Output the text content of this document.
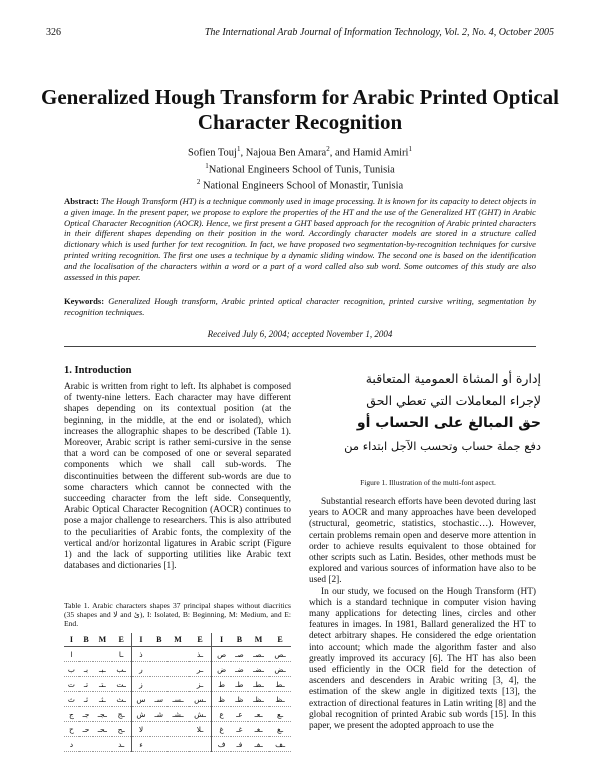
326	The International Arab Journal of Information Technology, Vol. 2, No. 4, October 2005
Generalized Hough Transform for Arabic Printed Optical Character Recognition
Sofien Touj$^1$, Najoua Ben Amara$^2$, and Hamid Amiri$^1$
$^1$National Engineers School of Tunis, Tunisia
$^2$ National Engineers School of Monastir, Tunisia
Abstract: The Hough Transform (HT) is a technique commonly used in image processing. It is known for its capacity to detect objects in a given image. In the present paper, we propose to explore the properties of the HT and the use of the Generalized HT (GHT) in Arabic Optical Character Recognition (AOCR). Hence, we first present a GHT based approach for the recognition of Arabic printed characters in their different shapes depending on their position in the word. Accordingly character models are stored in a structure called dictionary which is used further for text recognition. In fact, we have proposed two segmentation-by-recognition techniques for cursive printed writing recognition. The first one uses a technique by a dynamic sliding window. The second one is based on the identification and the localisation of the characters within a word or a part of a word called also sub word. Some outcomes of this study are also assessed in this paper.
Keywords: Generalized Hough transform, Arabic printed optical character recognition, printed cursive writing, segmentation by recognition techniques.
Received July 6, 2004; accepted November 1, 2004
1. Introduction
Arabic is written from right to left. Its alphabet is composed of twenty-nine letters. Each character may have different shapes depending on its contextual position (at the beginning, in the middle, at the end or isolated), which increases the allographic shapes to be described (Table 1). Moreover, Arabic script is rather semi-cursive in the sense that a word can be composed of one or several separated components which we shall call sub-words. The discontinuities between the different sub-words are due to some characters which cannot be connected with the succeeding character from the left side. Consequently, Arabic Optical Character Recognition (AOCR) continues to pose a major challenge to researchers. This is also attributed to the peculiarities of Arabic fonts, the complexity of the vertical and/or horizontal ligatures in Arabic script (Figure 1) and the lack of supporting utilities like Arabic text databases and dictionaries [1].
Table 1. Arabic characters shapes 37 principal shapes without diacritics (35 shapes and لا and ئ), I: Isolated, B: Beginning, M: Medium, and E: End.
I	B	M	E	I	B	M	E	I	B	M	E
ا			ـا	ذ			ـذ	ص	صـ	ـصـ	ـص
ب	بـ	ـبـ	ـب	ر			ـر	ض	ضـ	ـضـ	ـض
ت	تـ	ـتـ	ـت	ز			ـز	ط	طـ	ـطـ	ـط
ث	ثـ	ـثـ	ـث	س	سـ	ـسـ	ـس	ظ	ظـ	ـظـ	ـظ
ج	جـ	ـجـ	ـج	ش	شـ	ـشـ	ـش	ع	عـ	ـعـ	ـع
ح	حـ	ـحـ	ـح	لا			ـلا	غ	غـ	ـغـ	ـغ
د			ـد	ء				ف	فـ	ـفـ	ـف
إدارة أو المشاة العمومية المتعاقبة
لإجراء المعاملات التي تعطي الحق
حق المبالغ على الحساب أو
دفع جملة حساب وتحسب الآجل ابتداء من
Figure 1. Illustration of the multi-font aspect.

Substantial research efforts have been devoted during last years to AOCR and many approaches have been developed (structural, geometric, statistics, stochastic…). However, certain problems remain open and deserve more attention in order to achieve results equivalent to those obtained for other scripts such as Latin. Besides, other methods must be explored and various sources of information have also to be used [2].

In our study, we focused on the Hough Transform (HT) which is a standard technique in computer vision having many applications for detecting lines, circles and other features in images. In 1981, Ballard generalized the HT to detect arbitrary shapes. He considered the edge orientation into account; which made the algorithm faster and also greatly improved its accuracy [6]. The HT has also been used efficiently in the OCR field for the detection of ascenders and descenders in Arabic writing [3, 4], the estimation of the skew angle in digitized texts [13], the extraction of directional features in Latin writing [8] and the global recognition of printed Arabic sub words [15]. In this paper, we present the adopted approach to use the
